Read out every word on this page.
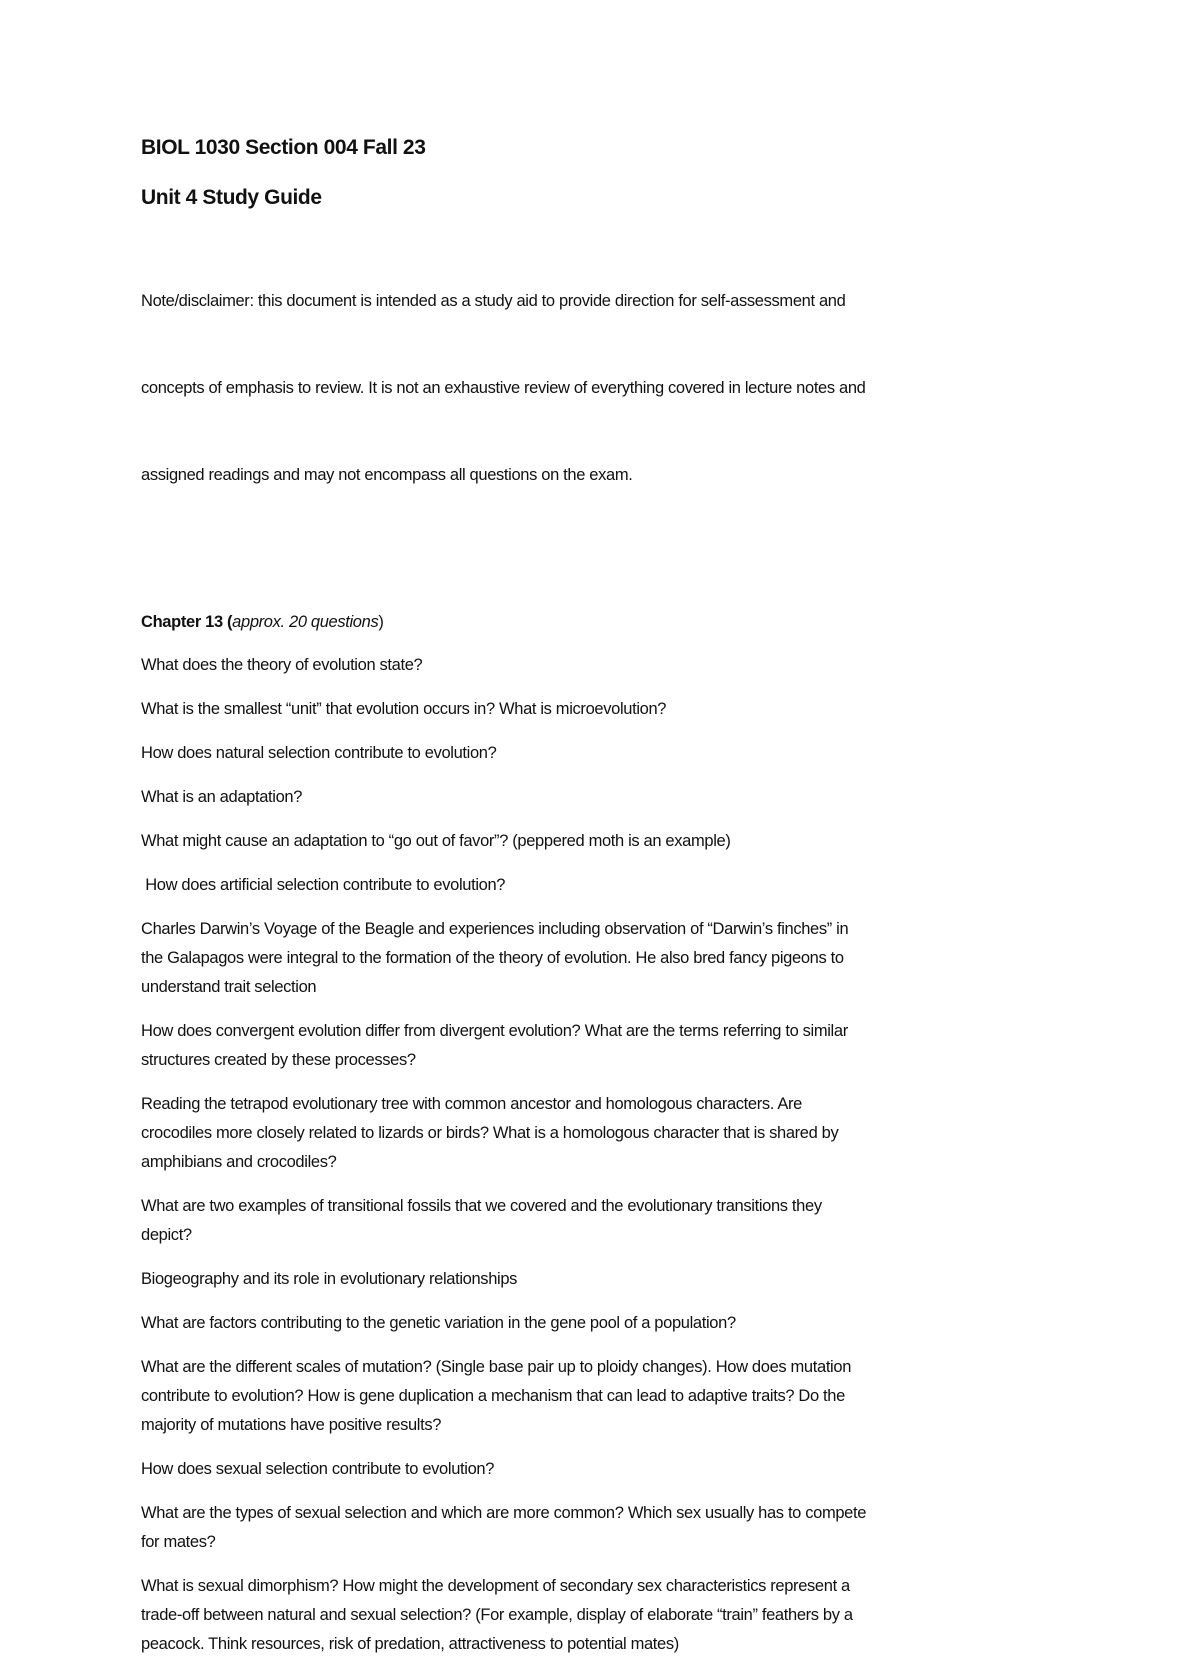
BIOL 1030 Section 004 Fall 23
Unit 4 Study Guide

Note/disclaimer: this document is intended as a study aid to provide direction for self-assessment and

concepts of emphasis to review. It is not an exhaustive review of everything covered in lecture notes and

assigned readings and may not encompass all questions on the exam.

Chapter 13 (approx. 20 questions)
What does the theory of evolution state?
What is the smallest “unit” that evolution occurs in? What is microevolution?
How does natural selection contribute to evolution?
What is an adaptation?
What might cause an adaptation to “go out of favor”? (peppered moth is an example)
How does artificial selection contribute to evolution?
Charles Darwin’s Voyage of the Beagle and experiences including observation of “Darwin’s finches” in
the Galapagos were integral to the formation of the theory of evolution. He also bred fancy pigeons to
understand trait selection
How does convergent evolution differ from divergent evolution? What are the terms referring to similar
structures created by these processes?
Reading the tetrapod evolutionary tree with common ancestor and homologous characters. Are
crocodiles more closely related to lizards or birds? What is a homologous character that is shared by
amphibians and crocodiles?
What are two examples of transitional fossils that we covered and the evolutionary transitions they
depict?
Biogeography and its role in evolutionary relationships
What are factors contributing to the genetic variation in the gene pool of a population?
What are the different scales of mutation? (Single base pair up to ploidy changes). How does mutation
contribute to evolution? How is gene duplication a mechanism that can lead to adaptive traits? Do the
majority of mutations have positive results?
How does sexual selection contribute to evolution?
What are the types of sexual selection and which are more common? Which sex usually has to compete
for mates?
What is sexual dimorphism? How might the development of secondary sex characteristics represent a
trade-off between natural and sexual selection? (For example, display of elaborate “train” feathers by a
peacock. Think resources, risk of predation, attractiveness to potential mates)
